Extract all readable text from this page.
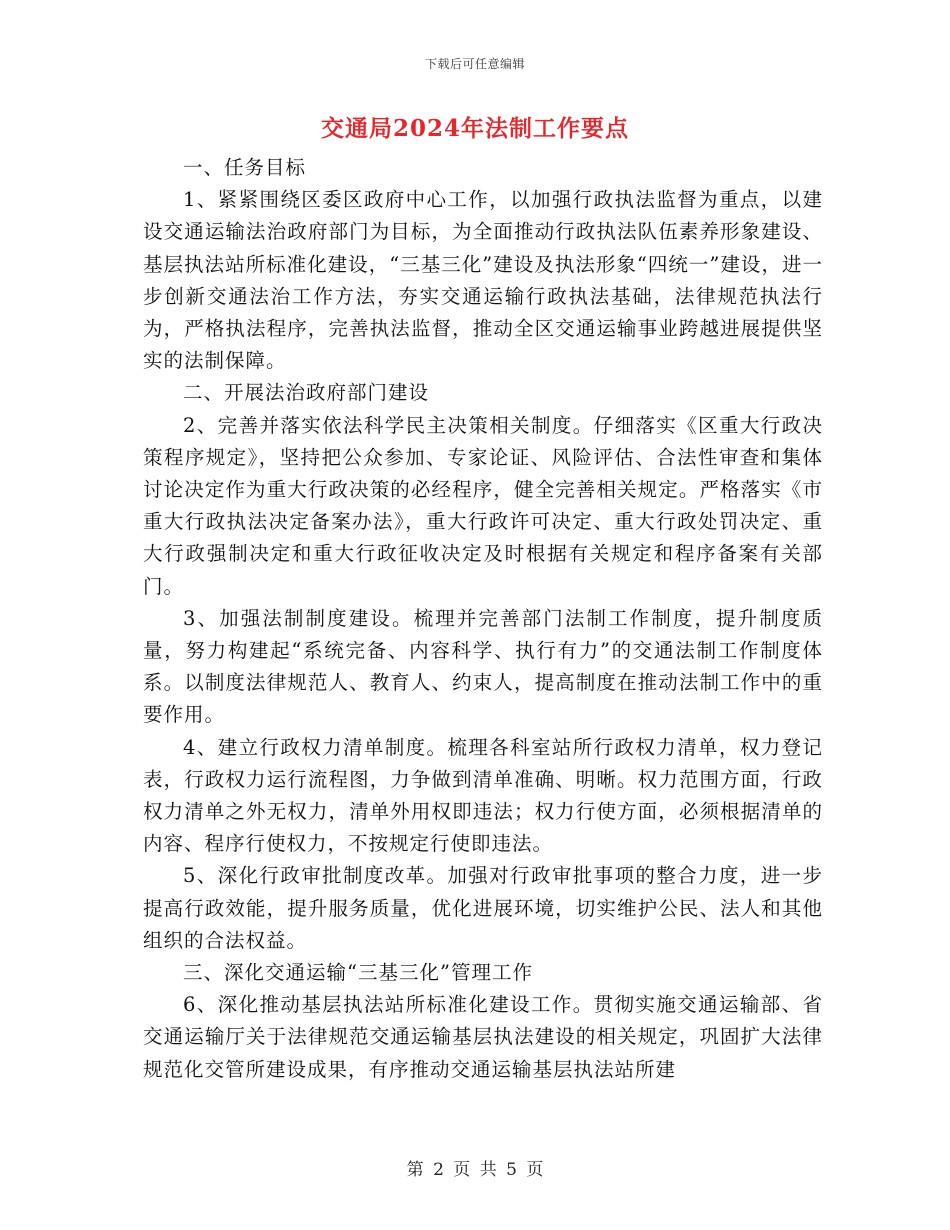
下载后可任意编辑
交通局2024年法制工作要点

一、任务目标

1、紧紧围绕区委区政府中心工作，以加强行政执法监督为重点，以建设交通运输法治政府部门为目标，为全面推动行政执法队伍素养形象建设、基层执法站所标准化建设，“三基三化”建设及执法形象“四统一”建设，进一步创新交通法治工作方法，夯实交通运输行政执法基础，法律规范执法行为，严格执法程序，完善执法监督，推动全区交通运输事业跨越进展提供坚实的法制保障。

二、开展法治政府部门建设

2、完善并落实依法科学民主决策相关制度。仔细落实《区重大行政决策程序规定》，坚持把公众参加、专家论证、风险评估、合法性审查和集体讨论决定作为重大行政决策的必经程序，健全完善相关规定。严格落实《市重大行政执法决定备案办法》，重大行政许可决定、重大行政处罚决定、重大行政强制决定和重大行政征收决定及时根据有关规定和程序备案有关部门。

3、加强法制制度建设。梳理并完善部门法制工作制度，提升制度质量，努力构建起“系统完备、内容科学、执行有力”的交通法制工作制度体系。以制度法律规范人、教育人、约束人，提高制度在推动法制工作中的重要作用。

4、建立行政权力清单制度。梳理各科室站所行政权力清单，权力登记表，行政权力运行流程图，力争做到清单准确、明晰。权力范围方面，行政权力清单之外无权力，清单外用权即违法；权力行使方面，必须根据清单的内容、程序行使权力，不按规定行使即违法。

5、深化行政审批制度改革。加强对行政审批事项的整合力度，进一步提高行政效能，提升服务质量，优化进展环境，切实维护公民、法人和其他组织的合法权益。

三、深化交通运输“三基三化”管理工作

6、深化推动基层执法站所标准化建设工作。贯彻实施交通运输部、省交通运输厅关于法律规范交通运输基层执法建设的相关规定，巩固扩大法律规范化交管所建设成果，有序推动交通运输基层执法站所建

第 2 页 共 5 页
